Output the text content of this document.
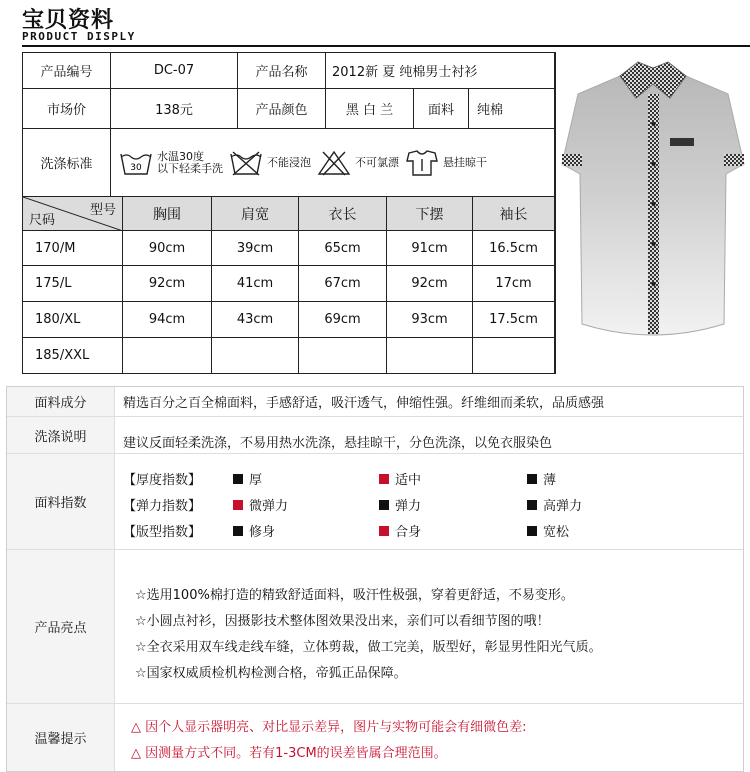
宝贝资料
PRODUCT DISPLY
产品编号	DC-07	产品名称	2012新 夏 纯棉男士衬衫
市场价	138元	产品颜色	黑 白 兰	面料	纯棉
洗涤标准	30
水温30度
以下轻柔手洗	不能浸泡	不可氯漂	悬挂晾干
型号
尺码	胸围	肩宽	衣长	下摆	袖长
170/M	90cm	39cm	65cm	91cm	16.5cm
175/L	92cm	41cm	67cm	92cm	17cm
180/XL	94cm	43cm	69cm	93cm	17.5cm
185/XXL
面料成分	精选百分之百全棉面料，手感舒适，吸汗透气，伸缩性强。纤维细而柔软，品质感强
洗涤说明	建议反面轻柔洗涤，不易用热水洗涤，悬挂晾干，分色洗涤，以免衣服染色
面料指数
【厚度指数】	厚	适中	薄
【弹力指数】	微弹力	弹力	高弹力
【版型指数】	修身	合身	宽松
产品亮点
☆选用100%棉打造的精致舒适面料，吸汗性极强，穿着更舒适，不易变形。
☆小圆点衬衫，因摄影技术整体图效果没出来，亲们可以看细节图的哦！
☆全衣采用双车线走线车缝，立体剪裁，做工完美，版型好，彰显男性阳光气质。
☆国家权威质检机构检测合格，帝狐正品保障。
温馨提示
△ 因个人显示器明亮、对比显示差异，图片与实物可能会有细微色差:
△ 因测量方式不同。若有1-3CM的误差皆属合理范围。
